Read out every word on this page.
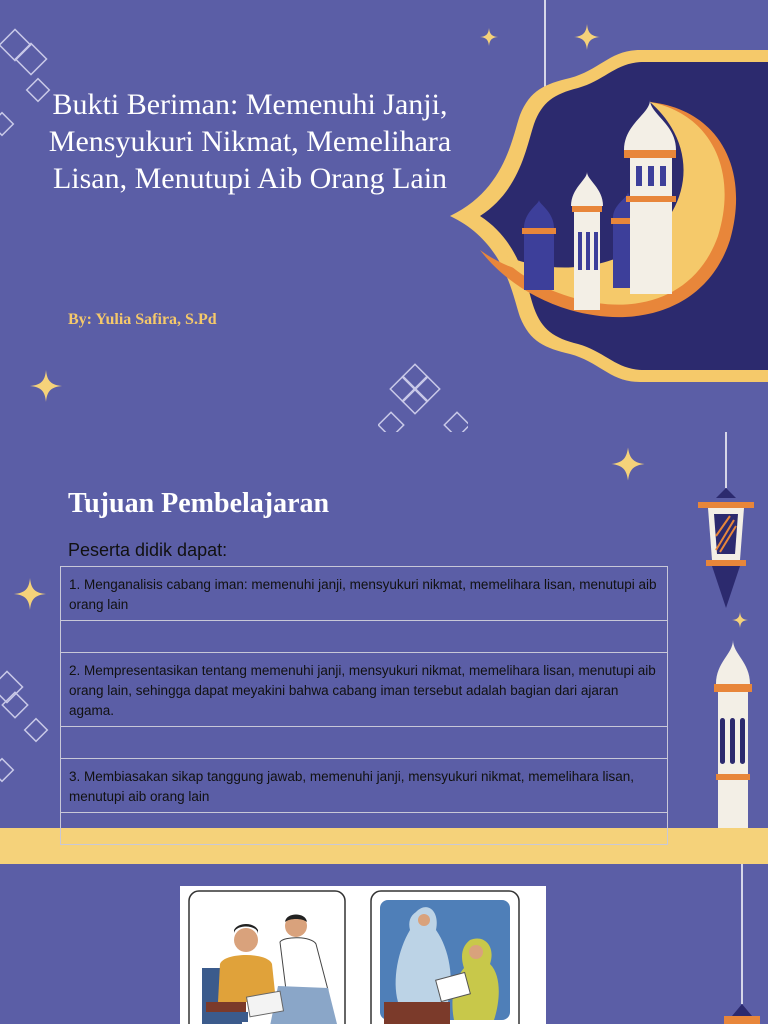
Bukti Beriman: Memenuhi Janji, Mensyukuri Nikmat, Memelihara Lisan, Menutupi Aib Orang Lain
By: Yulia Safira, S.Pd
Tujuan Pembelajaran
Peserta didik dapat:
1. Menganalisis cabang iman: memenuhi janji, mensyukuri nikmat, memelihara lisan, menutupi aib orang lain
2. Mempresentasikan tentang memenuhi janji, mensyukuri nikmat, memelihara lisan, menutupi aib orang lain, sehingga dapat meyakini bahwa cabang iman tersebut adalah bagian dari ajaran agama.
3. Membiasakan sikap tanggung jawab, memenuhi janji, mensyukuri nikmat, memelihara lisan, menutupi aib orang lain
